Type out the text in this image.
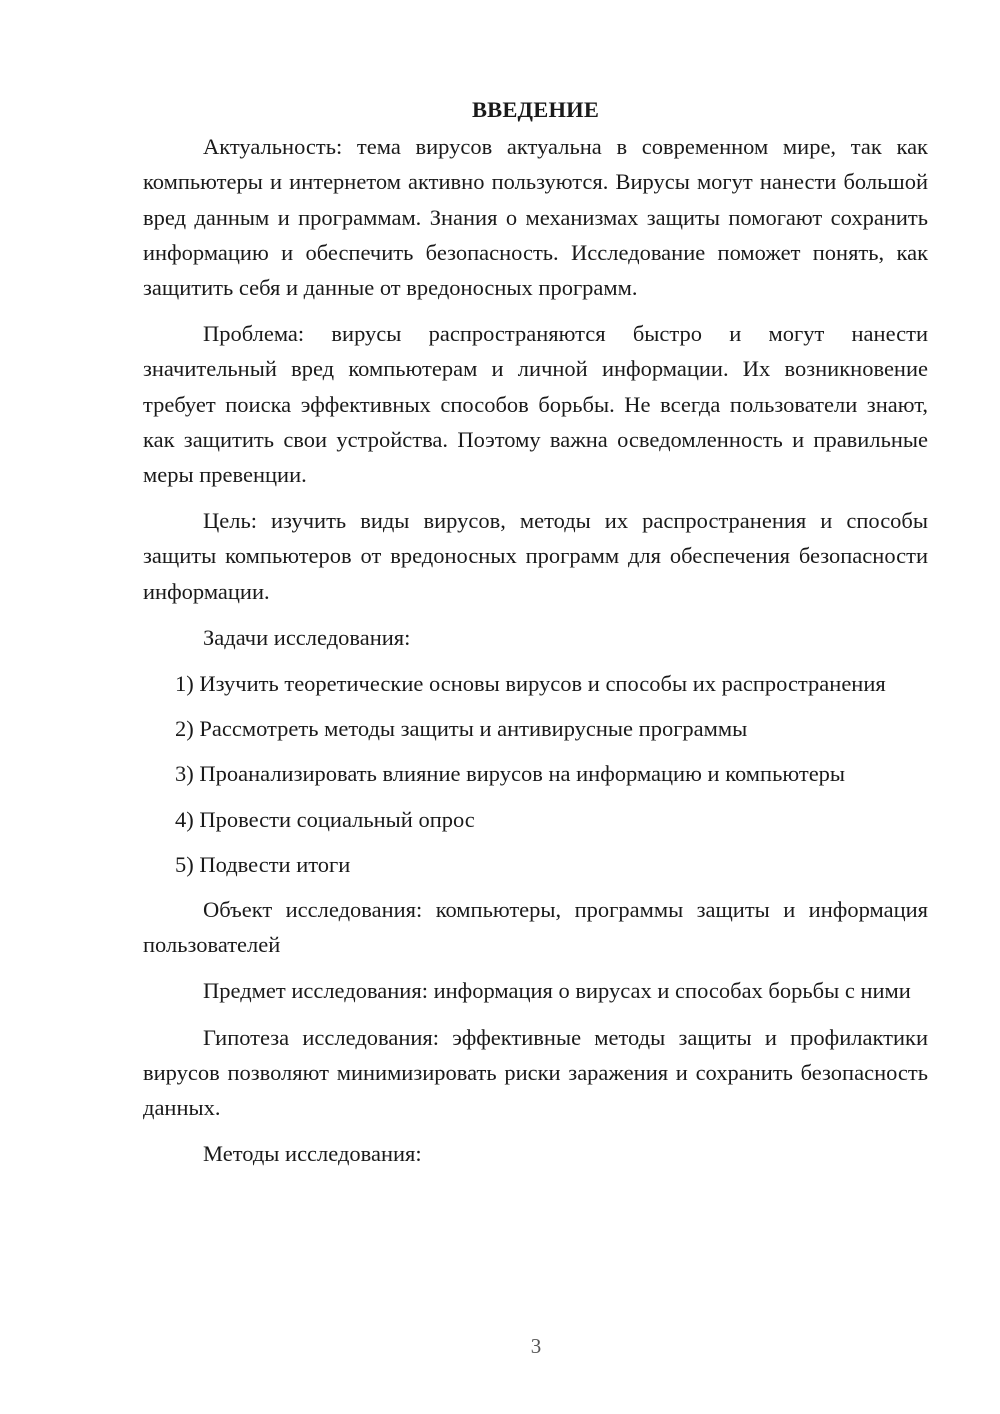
ВВЕДЕНИЕ

Актуальность: тема вирусов актуальна в современном мире, так как компьютеры и интернетом активно пользуются. Вирусы могут нанести большой вред данным и программам. Знания о механизмах защиты помогают сохранить информацию и обеспечить безопасность. Исследование поможет понять, как защитить себя и данные от вредоносных программ.

Проблема: вирусы распространяются быстро и могут нанести значительный вред компьютерам и личной информации. Их возникновение требует поиска эффективных способов борьбы. Не всегда пользователи знают, как защитить свои устройства. Поэтому важна осведомленность и правильные меры превенции.

Цель: изучить виды вирусов, методы их распространения и способы защиты компьютеров от вредоносных программ для обеспечения безопасности информации.

Задачи исследования:

1) Изучить теоретические основы вирусов и способы их распространения

2) Рассмотреть методы защиты и антивирусные программы

3) Проанализировать влияние вирусов на информацию и компьютеры

4) Провести социальный опрос

5) Подвести итоги

Объект исследования: компьютеры, программы защиты и информация пользователей

Предмет исследования: информация о вирусах и способах борьбы с ними

Гипотеза исследования: эффективные методы защиты и профилактики вирусов позволяют минимизировать риски заражения и сохранить безопасность данных.

Методы исследования:

3
